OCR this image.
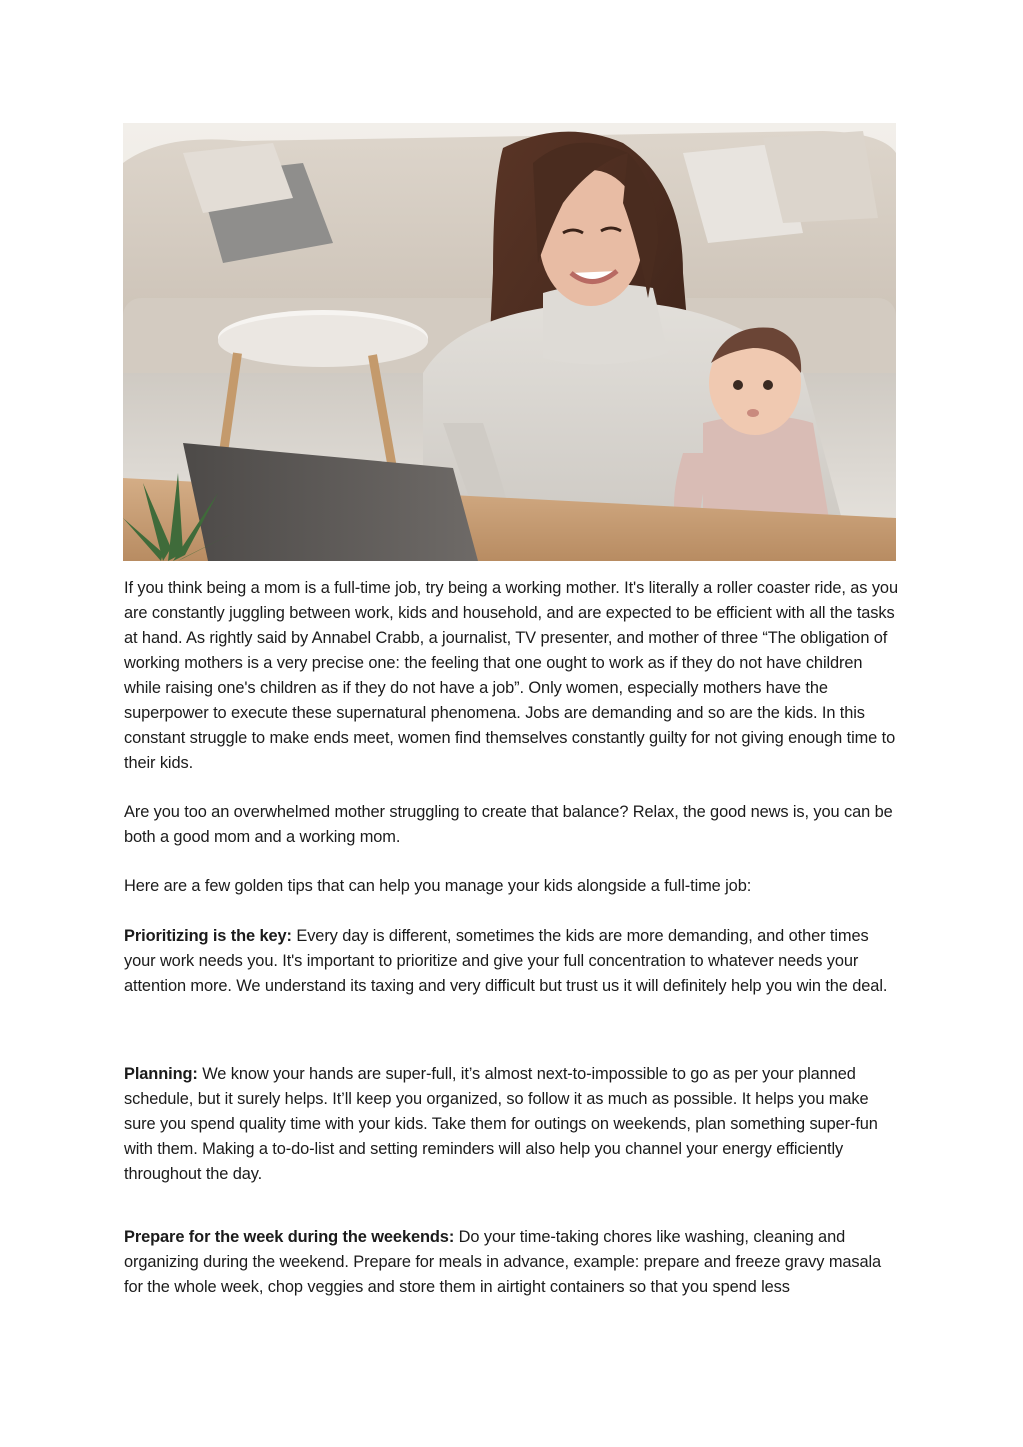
If you think being a mom is a full-time job, try being a working mother. It's literally a roller coaster ride, as you are constantly juggling between work, kids and household, and are expected to be efficient with all the tasks at hand. As rightly said by Annabel Crabb, a journalist, TV presenter, and mother of three “The obligation of working mothers is a very precise one: the feeling that one ought to work as if they do not have children while raising one's children as if they do not have a job”. Only women, especially mothers have the superpower to execute these supernatural phenomena. Jobs are demanding and so are the kids. In this constant struggle to make ends meet, women find themselves constantly guilty for not giving enough time to their kids.

Are you too an overwhelmed mother struggling to create that balance? Relax, the good news is, you can be both a good mom and a working mom.

Here are a few golden tips that can help you manage your kids alongside a full-time job:

Prioritizing is the key: Every day is different, sometimes the kids are more demanding, and other times your work needs you. It's important to prioritize and give your full concentration to whatever needs your attention more. We understand its taxing and very difficult but trust us it will definitely help you win the deal.

Planning: We know your hands are super-full, it’s almost next-to-impossible to go as per your planned schedule, but it surely helps. It’ll keep you organized, so follow it as much as possible. It helps you make sure you spend quality time with your kids. Take them for outings on weekends, plan something super-fun with them. Making a to-do-list and setting reminders will also help you channel your energy efficiently throughout the day.

Prepare for the week during the weekends: Do your time-taking chores like washing, cleaning and organizing during the weekend. Prepare for meals in advance, example: prepare and freeze gravy masala for the whole week, chop veggies and store them in airtight containers so that you spend less
